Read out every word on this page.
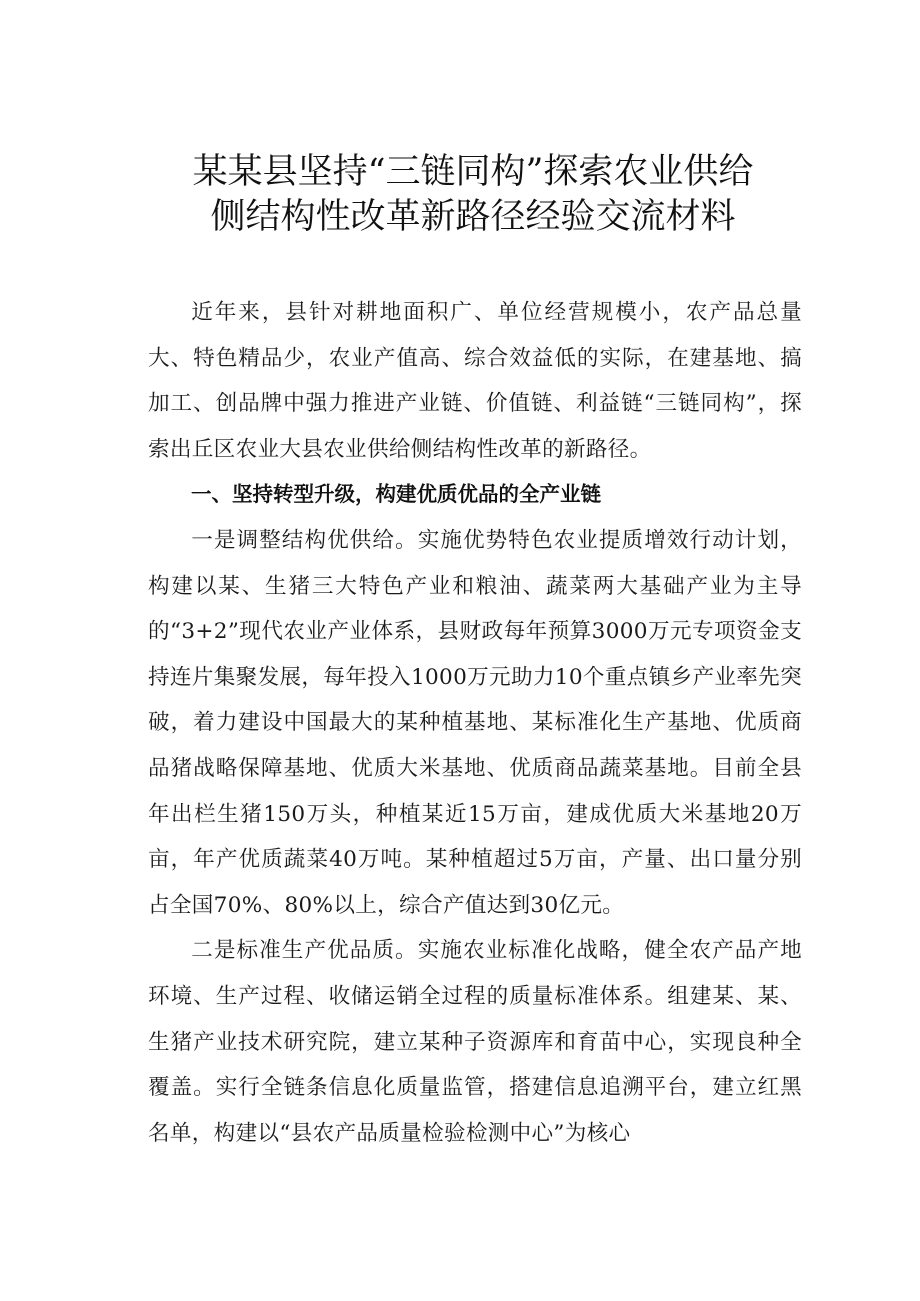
某某县坚持“三链同构”探索农业供给
侧结构性改革新路径经验交流材料

近年来，县针对耕地面积广、单位经营规模小，农产品总量大、特色精品少，农业产值高、综合效益低的实际，在建基地、搞加工、创品牌中强力推进产业链、价值链、利益链“三链同构”，探索出丘区农业大县农业供给侧结构性改革的新路径。

一、坚持转型升级，构建优质优品的全产业链

一是调整结构优供给。实施优势特色农业提质增效行动计划，构建以某、生猪三大特色产业和粮油、蔬菜两大基础产业为主导的“3+2”现代农业产业体系，县财政每年预算3000万元专项资金支持连片集聚发展，每年投入1000万元助力10个重点镇乡产业率先突破，着力建设中国最大的某种植基地、某标准化生产基地、优质商品猪战略保障基地、优质大米基地、优质商品蔬菜基地。目前全县年出栏生猪150万头，种植某近15万亩，建成优质大米基地20万亩，年产优质蔬菜40万吨。某种植超过5万亩，产量、出口量分别占全国70%、80%以上，综合产值达到30亿元。

二是标准生产优品质。实施农业标准化战略，健全农产品产地环境、生产过程、收储运销全过程的质量标准体系。组建某、某、生猪产业技术研究院，建立某种子资源库和育苗中心，实现良种全覆盖。实行全链条信息化质量监管，搭建信息追溯平台，建立红黑名单，构建以“县农产品质量检验检测中心”为核心
